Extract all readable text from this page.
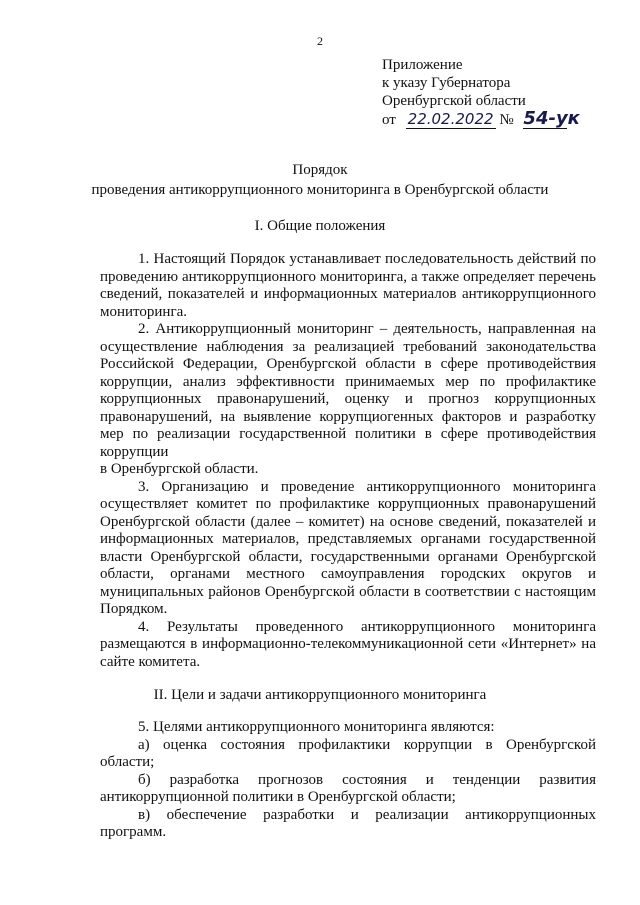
2
Приложение
к указу Губернатора
Оренбургской области
от 22.02.2022 № 54-ук
Порядок
проведения антикоррупционного мониторинга в Оренбургской области
I. Общие положения

1. Настоящий Порядок устанавливает последовательность действий по проведению антикоррупционного мониторинга, а также определяет перечень сведений, показателей и информационных материалов антикоррупционного мониторинга.

2. Антикоррупционный мониторинг – деятельность, направленная на осуществление наблюдения за реализацией требований законодательства Российской Федерации, Оренбургской области в сфере противодействия коррупции, анализ эффективности принимаемых мер по профилактике коррупционных правонарушений, оценку и прогноз коррупционных правонарушений, на выявление коррупциогенных факторов и разработку мер по реализации государственной политики в сфере противодействия коррупции

в Оренбургской области.

3. Организацию и проведение антикоррупционного мониторинга осуществляет комитет по профилактике коррупционных правонарушений Оренбургской области (далее – комитет) на основе сведений, показателей и информационных материалов, представляемых органами государственной власти Оренбургской области, государственными органами Оренбургской области, органами местного самоуправления городских округов и муниципальных районов Оренбургской области в соответствии с настоящим Порядком.

4. Результаты проведенного антикоррупционного мониторинга размещаются в информационно-телекоммуникационной сети «Интернет» на сайте комитета.

II. Цели и задачи антикоррупционного мониторинга

5. Целями антикоррупционного мониторинга являются:

а) оценка состояния профилактики коррупции в Оренбургской области;

б) разработка прогнозов состояния и тенденции развития антикоррупционной политики в Оренбургской области;

в) обеспечение разработки и реализации антикоррупционных программ.
